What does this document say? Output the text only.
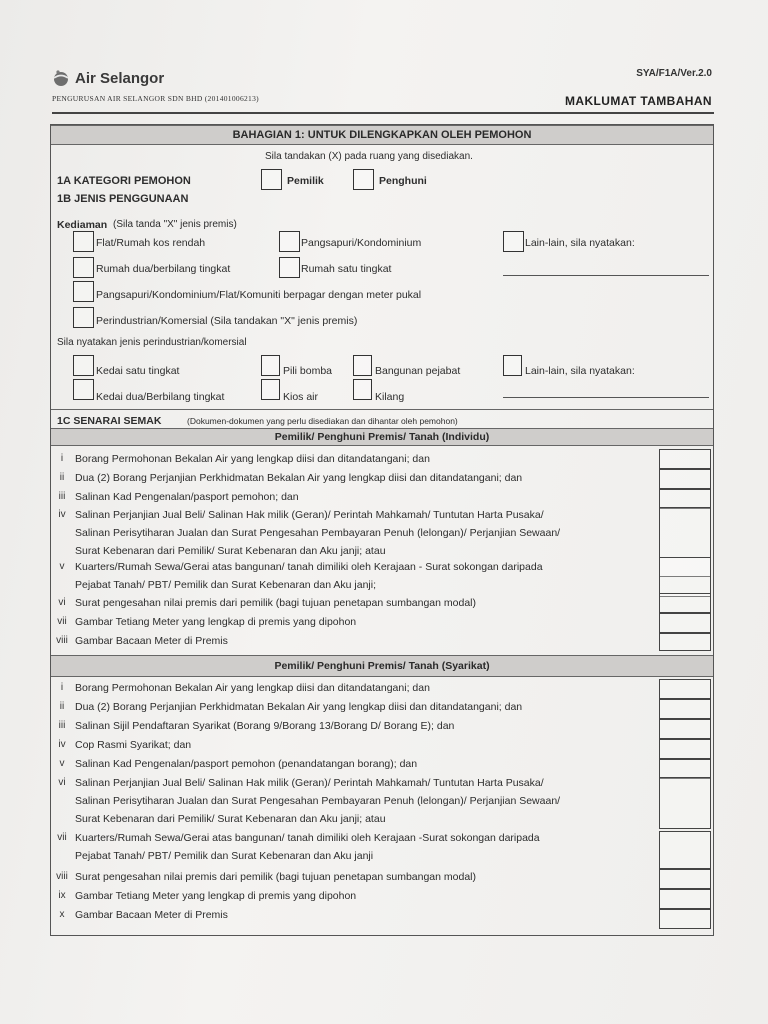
Air Selangor
PENGURUSAN AIR SELANGOR SDN BHD (201401006213)
SYA/F1A/Ver.2.0
MAKLUMAT TAMBAHAN
BAHAGIAN 1: UNTUK DILENGKAPKAN OLEH PEMOHON
Sila tandakan (X) pada ruang yang disediakan.
1A KATEGORI PEMOHON	Pemilik	Penghuni
1B JENIS PENGGUNAAN
Kediaman (Sila tanda "X" jenis premis)
Flat/Rumah kos rendah	Pangsapuri/Kondominium	Lain-lain, sila nyatakan:
Rumah dua/berbilang tingkat	Rumah satu tingkat
Pangsapuri/Kondominium/Flat/Komuniti berpagar dengan meter pukal
Perindustrian/Komersial (Sila tandakan "X" jenis premis)
Sila nyatakan jenis perindustrian/komersial
Kedai satu tingkat	Pili bomba	Bangunan pejabat	Lain-lain, sila nyatakan:
Kedai dua/Berbilang tingkat	Kios air	Kilang
1C SENARAI SEMAK	(Dokumen-dokumen yang perlu disediakan dan dihantar oleh pemohon)
Pemilik/ Penghuni Premis/ Tanah (Individu)
i	Borang Permohonan Bekalan Air yang lengkap diisi dan ditandatangani; dan
ii	Dua (2) Borang Perjanjian Perkhidmatan Bekalan Air yang lengkap diisi dan ditandatangani; dan
iii Salinan Kad Pengenalan/pasport pemohon; dan
iv Salinan Perjanjian Jual Beli/ Salinan Hak milik (Geran)/ Perintah Mahkamah/ Tuntutan Harta Pusaka/
Salinan Perisytiharan Jualan dan Surat Pengesahan Pembayaran Penuh (lelongan)/ Perjanjian Sewaan/
Surat Kebenaran dari Pemilik/ Surat Kebenaran dan Aku janji; atau
v	Kuarters/Rumah Sewa/Gerai atas bangunan/ tanah dimiliki oleh Kerajaan - Surat sokongan daripada
Pejabat Tanah/ PBT/ Pemilik dan Surat Kebenaran dan Aku janji;
vi Surat pengesahan nilai premis dari pemilik (bagi tujuan penetapan sumbangan modal)
vii Gambar Tetiang Meter yang lengkap di premis yang dipohon
viii Gambar Bacaan Meter di Premis
Pemilik/ Penghuni Premis/ Tanah (Syarikat)
i	Borang Permohonan Bekalan Air yang lengkap diisi dan ditandatangani; dan
ii	Dua (2) Borang Perjanjian Perkhidmatan Bekalan Air yang lengkap diisi dan ditandatangani; dan
iii Salinan Sijil Pendaftaran Syarikat (Borang 9/Borang 13/Borang D/ Borang E); dan
iv Cop Rasmi Syarikat; dan
v	Salinan Kad Pengenalan/pasport pemohon (penandatangan borang); dan
vi Salinan Perjanjian Jual Beli/ Salinan Hak milik (Geran)/ Perintah Mahkamah/ Tuntutan Harta Pusaka/
Salinan Perisytiharan Jualan dan Surat Pengesahan Pembayaran Penuh (lelongan)/ Perjanjian Sewaan/
Surat Kebenaran dari Pemilik/ Surat Kebenaran dan Aku janji; atau
vii Kuarters/Rumah Sewa/Gerai atas bangunan/ tanah dimiliki oleh Kerajaan -Surat sokongan daripada
Pejabat Tanah/ PBT/ Pemilik dan Surat Kebenaran dan Aku janji
viii Surat pengesahan nilai premis dari pemilik (bagi tujuan penetapan sumbangan modal)
ix Gambar Tetiang Meter yang lengkap di premis yang dipohon
x	Gambar Bacaan Meter di Premis
